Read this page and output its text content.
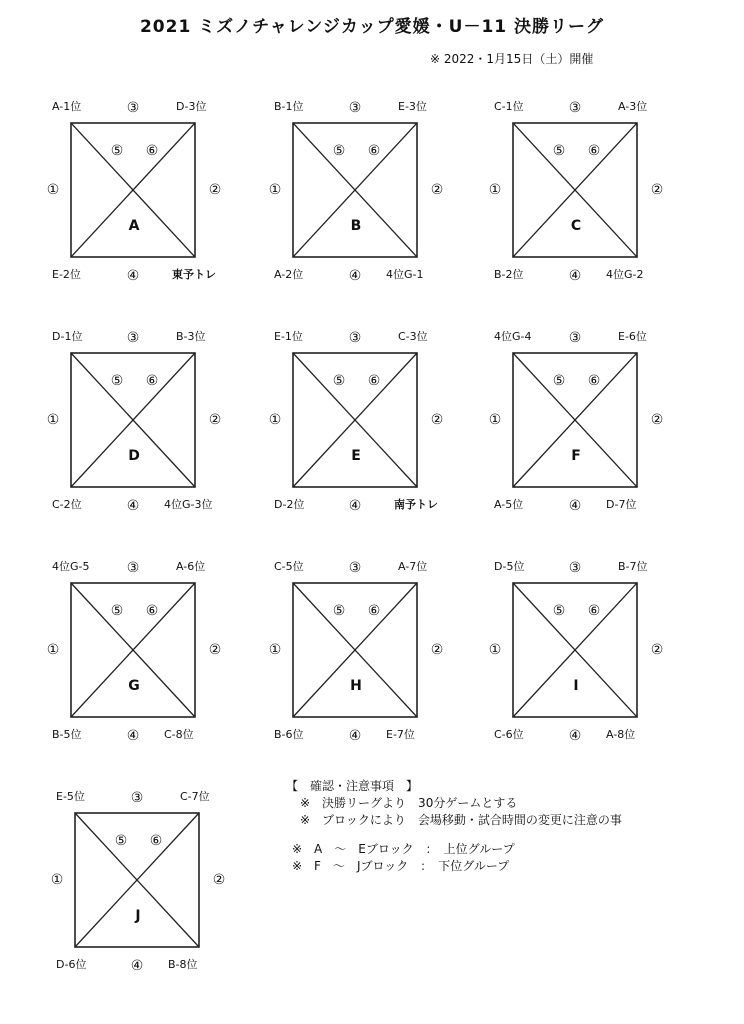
2021 ミズノチャレンジカップ愛媛・U－11 決勝リーグ
※ 2022・1月15日（土）開催
A-1位	D-3位
E-2位	東予トレ
③
④
①	②
⑤ ⑥
A
B-1位	E-3位
A-2位	4位G-1
③
④
①	②
⑤ ⑥
B
C-1位	A-3位
B-2位	4位G-2
③
④
①	②
⑤ ⑥
C
D-1位	B-3位
C-2位	4位G-3位
③
④
①	②
⑤ ⑥
D
E-1位	C-3位
D-2位	南予トレ
③
④
①	②
⑤ ⑥
E
4位G-4	E-6位
A-5位	D-7位
③
④
①	②
⑤ ⑥
F
4位G-5	A-6位
B-5位	C-8位
③
④
①	②
⑤ ⑥
G
C-5位	A-7位
B-6位	E-7位
③
④
①	②
⑤ ⑥
H
D-5位	B-7位
C-6位	A-8位
③
④
①	②
⑤ ⑥
I
E-5位	C-7位
D-6位	B-8位
③
④
①	②
⑤ ⑥
J
【　確認・注意事項　】
※　決勝リーグより　30分ゲームとする
※　ブロックにより　会場移動・試合時間の変更に注意の事
※　A　～　Eブロック　：　上位グループ
※　F　～　Jブロック　：　下位グループ
